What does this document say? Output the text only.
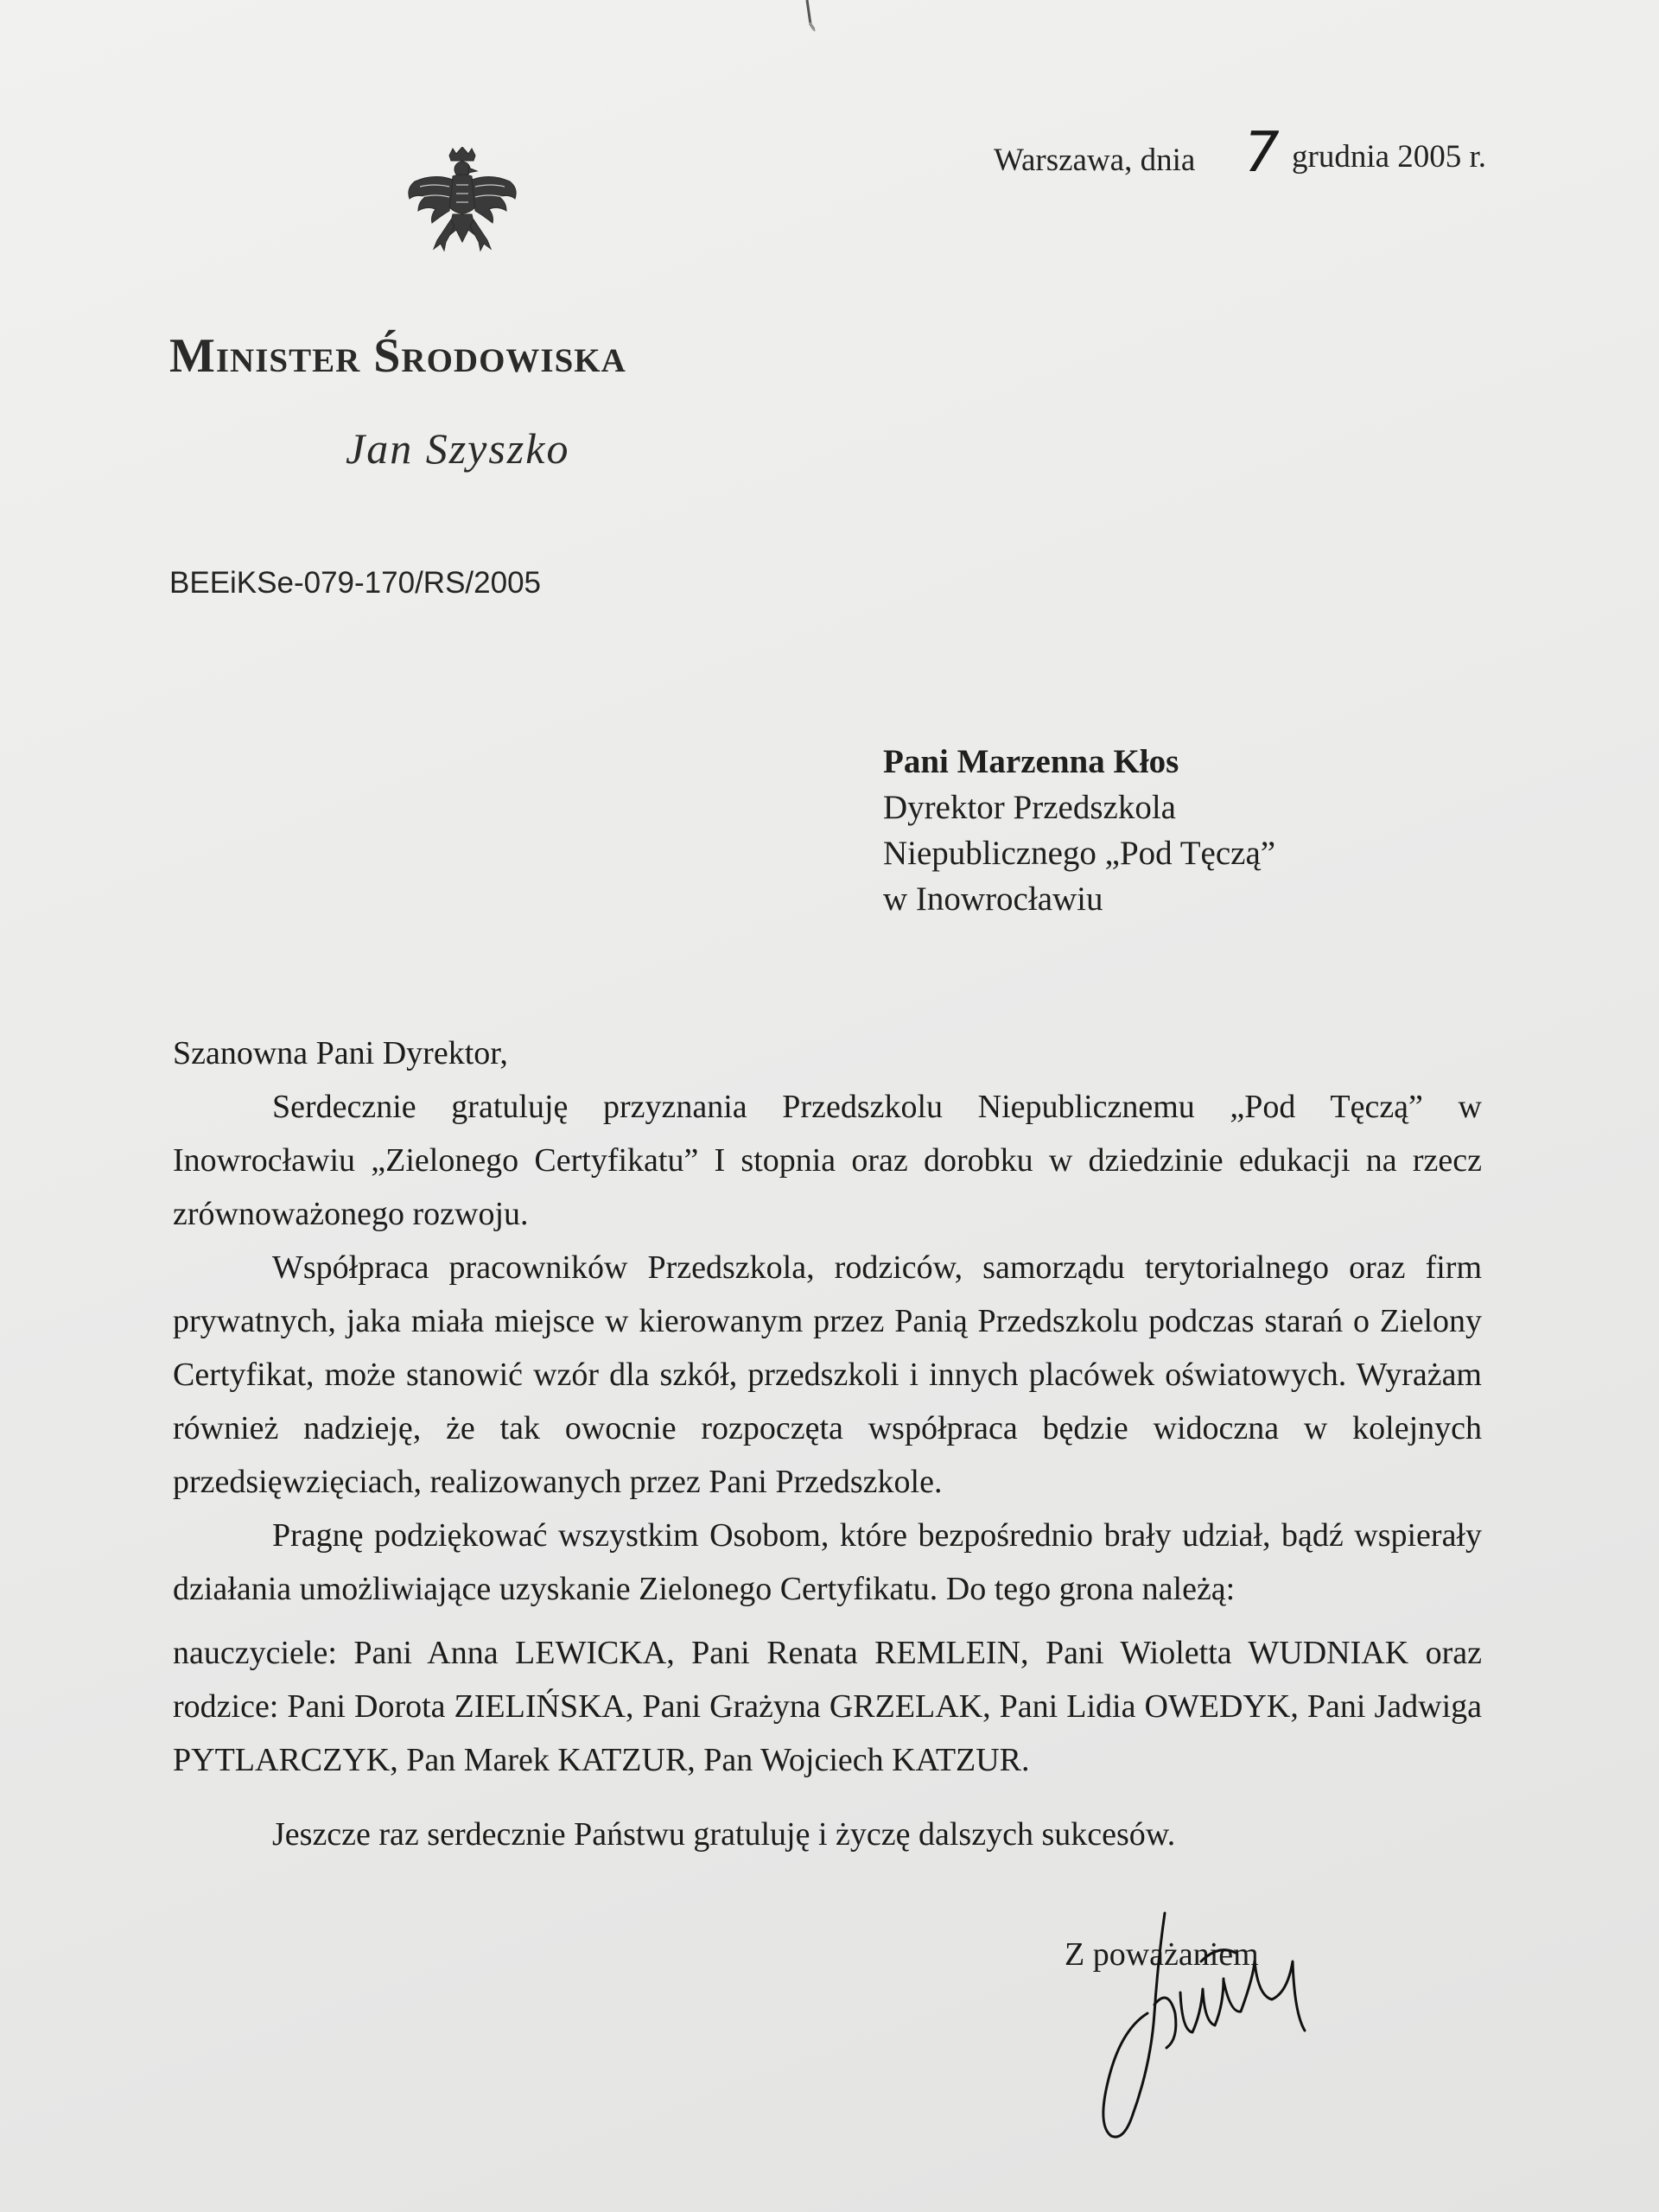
Warszawa, dnia 7 grudnia 2005 r.
Minister Środowiska
Jan Szyszko
BEEiKSe-079-170/RS/2005
Pani Marzenna Kłos
Dyrektor Przedszkola
Niepublicznego „Pod Tęczą”
w Inowrocławiu

Szanowna Pani Dyrektor,

Serdecznie gratuluję przyznania Przedszkolu Niepublicznemu „Pod Tęczą” w Inowrocławiu „Zielonego Certyfikatu” I stopnia oraz dorobku w dziedzinie edukacji na rzecz zrównoważonego rozwoju.

Współpraca pracowników Przedszkola, rodziców, samorządu terytorialnego oraz firm prywatnych, jaka miała miejsce w kierowanym przez Panią Przedszkolu podczas starań o Zielony Certyfikat, może stanowić wzór dla szkół, przedszkoli i innych placówek oświatowych. Wyrażam również nadzieję, że tak owocnie rozpoczęta współpraca będzie widoczna w kolejnych przedsięwzięciach, realizowanych przez Pani Przedszkole.

Pragnę podziękować wszystkim Osobom, które bezpośrednio brały udział, bądź wspierały działania umożliwiające uzyskanie Zielonego Certyfikatu. Do tego grona należą:

nauczyciele: Pani Anna LEWICKA, Pani Renata REMLEIN, Pani Wioletta WUDNIAK oraz rodzice: Pani Dorota ZIELIŃSKA, Pani Grażyna GRZELAK, Pani Lidia OWEDYK, Pani Jadwiga PYTLARCZYK, Pan Marek KATZUR, Pan Wojciech KATZUR.

Jeszcze raz serdecznie Państwu gratuluję i życzę dalszych sukcesów.

Z poważaniem
